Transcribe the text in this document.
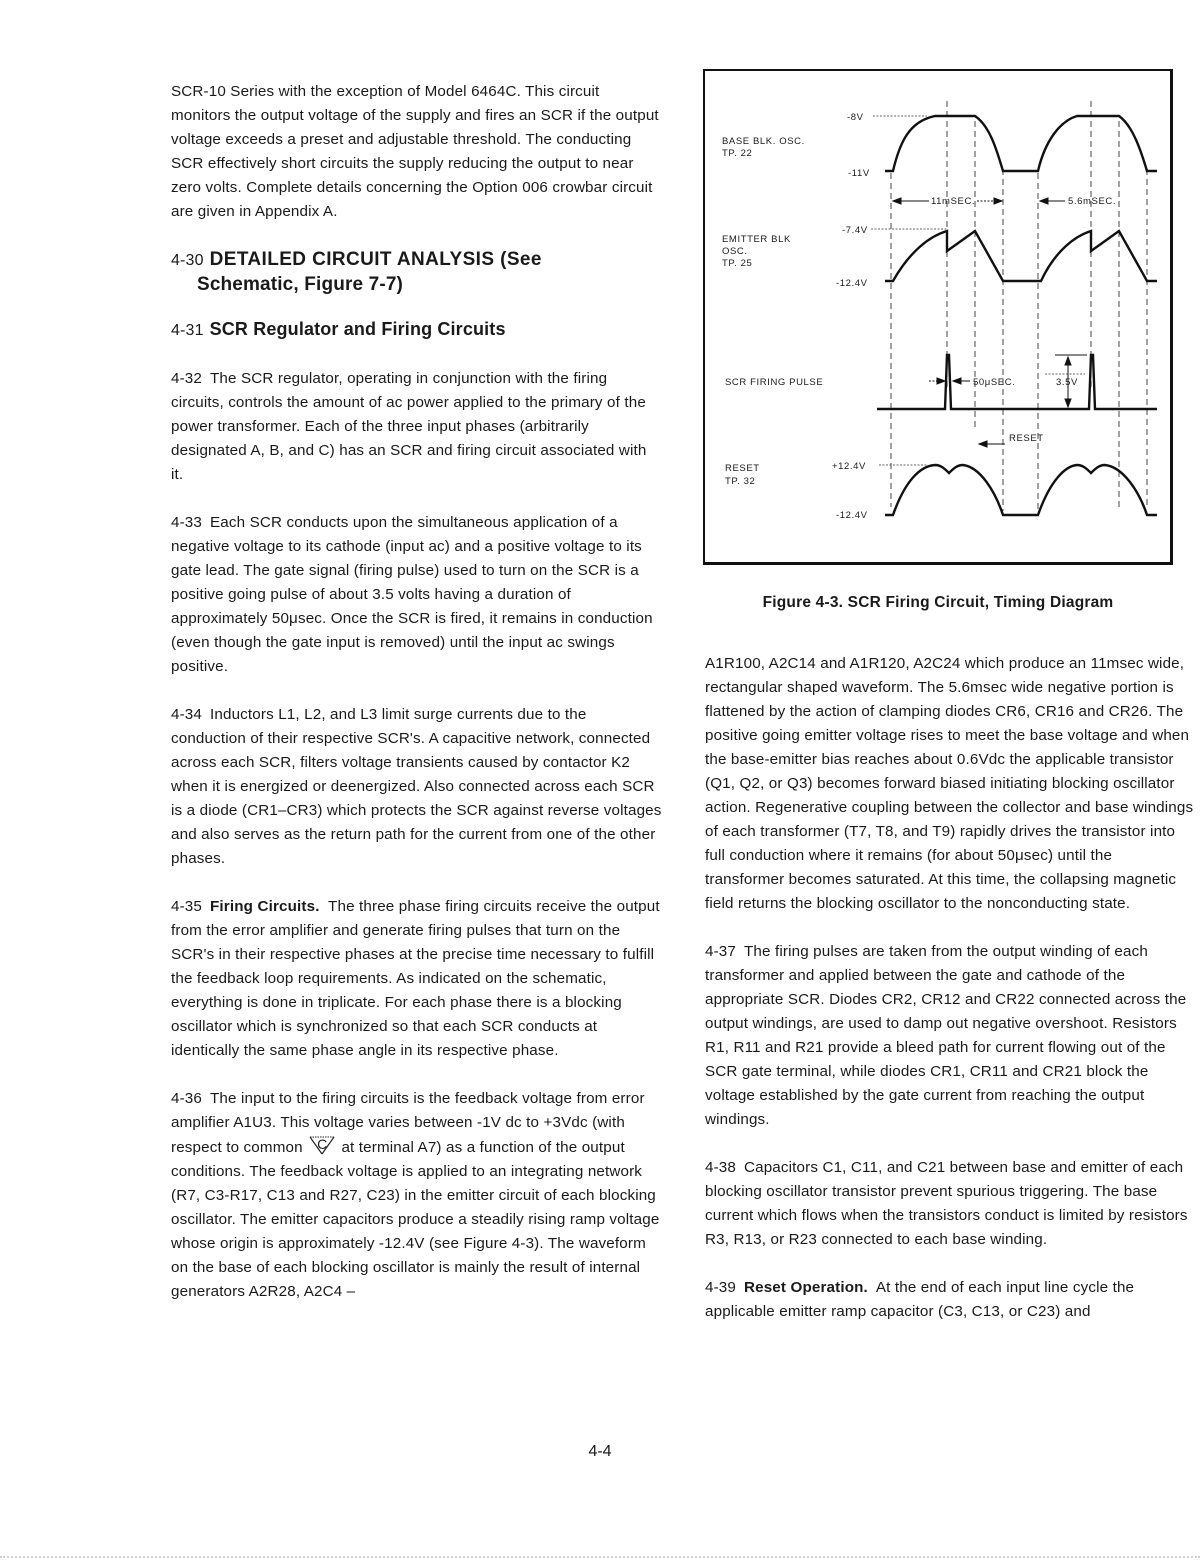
SCR-10 Series with the exception of Model 6464C. This circuit monitors the output voltage of the supply and fires an SCR if the output voltage exceeds a preset and adjustable threshold. The conducting SCR effectively short circuits the supply reducing the output to near zero volts. Complete details concerning the Option 006 crowbar circuit are given in Appendix A.

4-30 DETAILED CIRCUIT ANALYSIS (See
Schematic, Figure 7-7)
4-31 SCR Regulator and Firing Circuits

4-32 The SCR regulator, operating in conjunction with the firing circuits, controls the amount of ac power applied to the primary of the power transformer. Each of the three input phases (arbitrarily designated A, B, and C) has an SCR and firing circuit associated with it.

4-33 Each SCR conducts upon the simultaneous application of a negative voltage to its cathode (input ac) and a positive voltage to its gate lead. The gate signal (firing pulse) used to turn on the SCR is a positive going pulse of about 3.5 volts having a duration of approximately 50μsec. Once the SCR is fired, it remains in conduction (even though the gate input is removed) until the input ac swings positive.

4-34 Inductors L1, L2, and L3 limit surge currents due to the conduction of their respective SCR's. A capacitive network, connected across each SCR, filters voltage transients caused by contactor K2 when it is energized or deenergized. Also connected across each SCR is a diode (CR1–CR3) which protects the SCR against reverse voltages and also serves as the return path for the current from one of the other phases.

4-35 Firing Circuits. The three phase firing circuits receive the output from the error amplifier and generate firing pulses that turn on the SCR's in their respective phases at the precise time necessary to fulfill the feedback loop requirements. As indicated on the schematic, everything is done in triplicate. For each phase there is a blocking oscillator which is synchronized so that each SCR conducts at identically the same phase angle in its respective phase.

4-36 The input to the firing circuits is the feedback voltage from error amplifier A1U3. This voltage varies between -1V dc to +3Vdc (with respect to common C at terminal A7) as a function of the output conditions. The feedback voltage is applied to an integrating network (R7, C3-R17, C13 and R27, C23) in the emitter circuit of each blocking oscillator. The emitter capacitors produce a steadily rising ramp voltage whose origin is approximately -12.4V (see Figure 4-3). The waveform on the base of each blocking oscillator is mainly the result of internal generators A2R28, A2C4 –

BASE BLK. OSC.
TP. 22
EMITTER BLK
OSC.
TP. 25
SCR FIRING PULSE
RESET
TP. 32
-8V
-11V
-7.4V
-12.4V
+12.4V
-12.4V
11mSEC.	5.6mSEC.
50μSEC.	3.5V
RESET
Figure 4-3. SCR Firing Circuit, Timing Diagram

A1R100, A2C14 and A1R120, A2C24 which produce an 11msec wide, rectangular shaped waveform. The 5.6msec wide negative portion is flattened by the action of clamping diodes CR6, CR16 and CR26. The positive going emitter voltage rises to meet the base voltage and when the base-emitter bias reaches about 0.6Vdc the applicable transistor (Q1, Q2, or Q3) becomes forward biased initiating blocking oscillator action. Regenerative coupling between the collector and base windings of each transformer (T7, T8, and T9) rapidly drives the transistor into full conduction where it remains (for about 50μsec) until the transformer becomes saturated. At this time, the collapsing magnetic field returns the blocking oscillator to the nonconducting state.

4-37 The firing pulses are taken from the output winding of each transformer and applied between the gate and cathode of the appropriate SCR. Diodes CR2, CR12 and CR22 connected across the output windings, are used to damp out negative overshoot. Resistors R1, R11 and R21 provide a bleed path for current flowing out of the SCR gate terminal, while diodes CR1, CR11 and CR21 block the voltage established by the gate current from reaching the output windings.

4-38 Capacitors C1, C11, and C21 between base and emitter of each blocking oscillator transistor prevent spurious triggering. The base current which flows when the transistors conduct is limited by resistors R3, R13, or R23 connected to each base winding.

4-39 Reset Operation. At the end of each input line cycle the applicable emitter ramp capacitor (C3, C13, or C23) and

4-4
